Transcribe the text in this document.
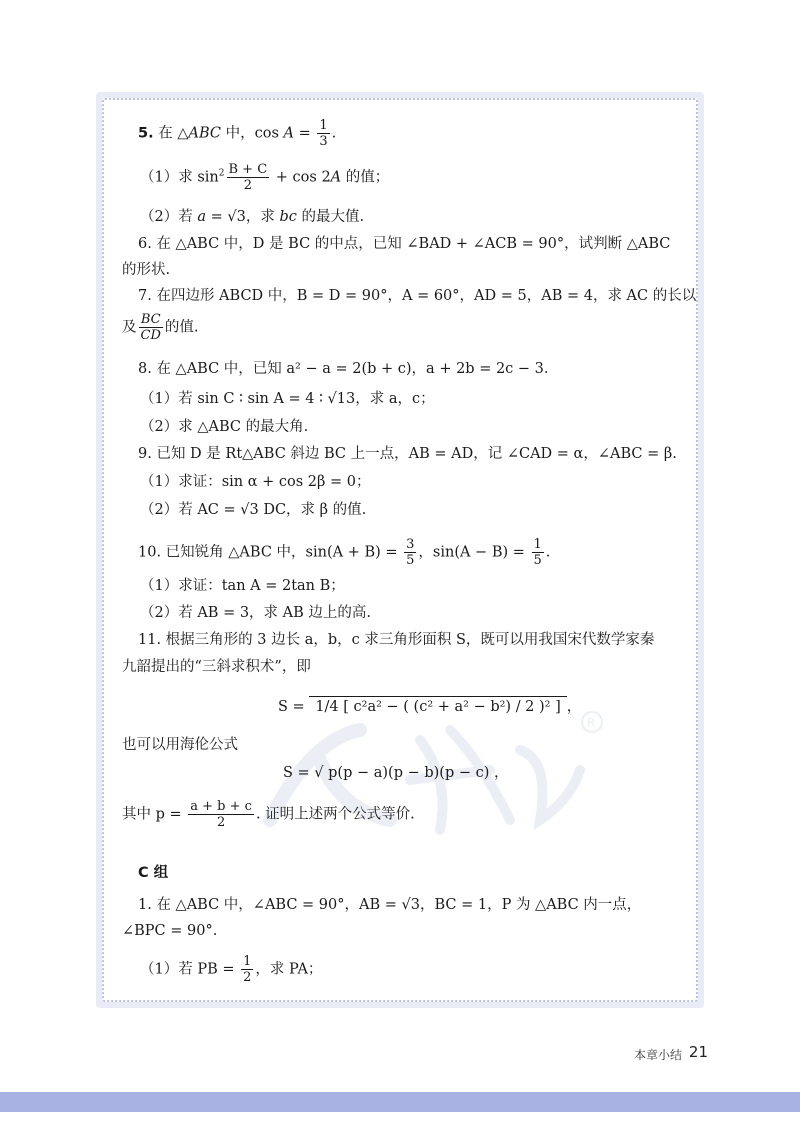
R
5. 在 △ABC 中，$\cos A = \frac{1}{3}$ .
（1）求 $\sin^2 \frac{B + C}{2} + \cos 2A$ 的值；
（2）若 a = √3，求 bc 的最大值.
6. 在 △ABC 中，D 是 BC 的中点，已知 ∠BAD + ∠ACB = 90°，试判断 △ABC
的形状.
7. 在四边形 ABCD 中，B = D = 90°，A = 60°，AD = 5，AB = 4，求 AC 的长以
及 $\frac{BC}{CD}$ 的值.
8. 在 △ABC 中，已知 a² − a = 2(b + c)，a + 2b = 2c − 3.
（1）若 sin C ∶ sin A = 4 ∶ √13，求 a，c；
（2）求 △ABC 的最大角.
9. 已知 D 是 Rt△ABC 斜边 BC 上一点，AB = AD，记 ∠CAD = α，∠ABC = β.
（1）求证：sin α + cos 2β = 0；
（2）若 AC = √3 DC，求 β 的值.
10. 已知锐角 △ABC 中，$\sin(A + B) = \frac{3}{5}$ ，$\sin(A - B) = \frac{1}{5}$ .
（1）求证：tan A = 2tan B；
（2）若 AB = 3，求 AB 边上的高.
11. 根据三角形的 3 边长 a，b，c 求三角形面积 S，既可以用我国宋代数学家秦
九韶提出的“三斜求积术”，即
S = 1/4 [ c²a² − ( (c² + a² − b²) / 2 )² ] ，
也可以用海伦公式
S = √ p(p − a)(p − b)(p − c) ，
其中 $p = \frac{a + b + c}{2}$ . 证明上述两个公式等价.
C 组
1. 在 △ABC 中，∠ABC = 90°，AB = √3，BC = 1，P 为 △ABC 内一点，
∠BPC = 90°.
（1）若 PB = $\frac{1}{2}$ ，求 PA；
本章小结 21
